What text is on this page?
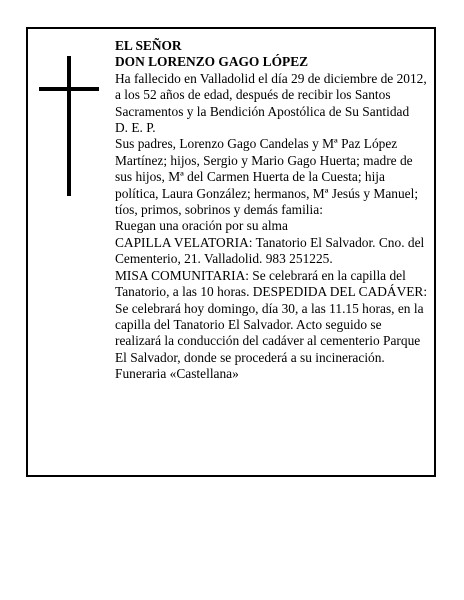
EL SEÑOR
DON LORENZO GAGO LÓPEZ
Ha fallecido en Valladolid el día 29 de diciembre de 2012, a los 52 años de edad, después de recibir los Santos Sacramentos y la Bendición Apostólica de Su Santidad
D. E. P.
Sus padres, Lorenzo Gago Candelas y Mª Paz López Martínez; hijos, Sergio y Mario Gago Huerta; madre de sus hijos, Mª del Carmen Huerta de la Cuesta; hija política, Laura González; hermanos, Mª Jesús y Manuel; tíos, primos, sobrinos y demás familia:
Ruegan una oración por su alma
CAPILLA VELATORIA: Tanatorio El Salvador. Cno. del Cementerio, 21. Valladolid. 983 251225.
MISA COMUNITARIA: Se celebrará en la capilla del Tanatorio, a las 10 horas. DESPEDIDA DEL CADÁVER: Se celebrará hoy domingo, día 30, a las 11.15 horas, en la capilla del Tanatorio El Salvador. Acto seguido se realizará la conducción del cadáver al cementerio Parque El Salvador, donde se procederá a su incineración.
Funeraria «Castellana»
